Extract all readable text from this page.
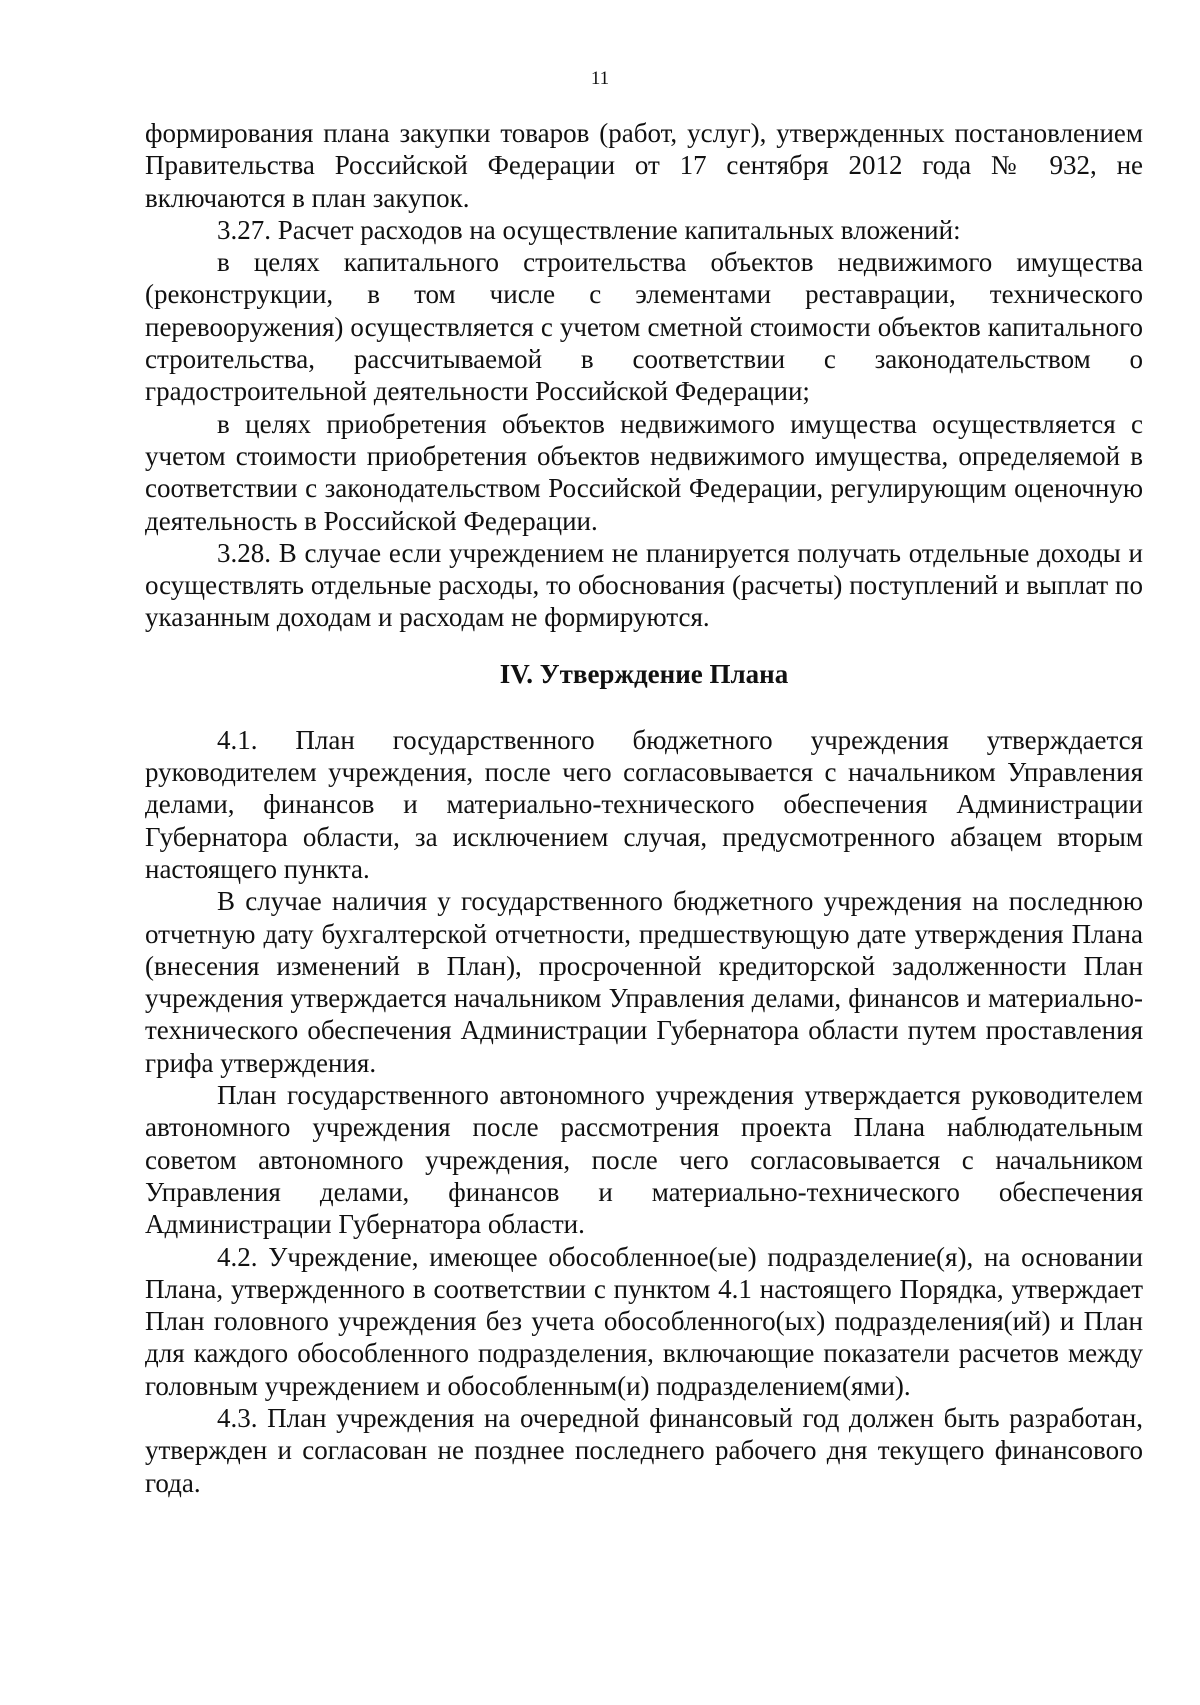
11

формирования плана закупки товаров (работ, услуг), утвержденных постановлением Правительства Российской Федерации от 17 сентября 2012 года № 932, не включаются в план закупок.

3.27. Расчет расходов на осуществление капитальных вложений:

в целях капитального строительства объектов недвижимого имущества (реконструкции, в том числе с элементами реставрации, технического перевооружения) осуществляется с учетом сметной стоимости объектов капитального строительства, рассчитываемой в соответствии с законодательством о градостроительной деятельности Российской Федерации;

в целях приобретения объектов недвижимого имущества осуществляется с учетом стоимости приобретения объектов недвижимого имущества, определяемой в соответствии с законодательством Российской Федерации, регулирующим оценочную деятельность в Российской Федерации.

3.28. В случае если учреждением не планируется получать отдельные доходы и осуществлять отдельные расходы, то обоснования (расчеты) поступлений и выплат по указанным доходам и расходам не формируются.

IV. Утверждение Плана

4.1. План государственного бюджетного учреждения утверждается руководителем учреждения, после чего согласовывается с начальником Управления делами, финансов и материально-технического обеспечения Администрации Губернатора области, за исключением случая, предусмотренного абзацем вторым настоящего пункта.

В случае наличия у государственного бюджетного учреждения на последнюю отчетную дату бухгалтерской отчетности, предшествующую дате утверждения Плана (внесения изменений в План), просроченной кредиторской задолженности План учреждения утверждается начальником Управления делами, финансов и материально-технического обеспечения Администрации Губернатора области путем проставления грифа утверждения.

План государственного автономного учреждения утверждается руководителем автономного учреждения после рассмотрения проекта Плана наблюдательным советом автономного учреждения, после чего согласовывается с начальником Управления делами, финансов и материально-технического обеспечения Администрации Губернатора области.

4.2. Учреждение, имеющее обособленное(ые) подразделение(я), на основании Плана, утвержденного в соответствии с пунктом 4.1 настоящего Порядка, утверждает План головного учреждения без учета обособленного(ых) подразделения(ий) и План для каждого обособленного подразделения, включающие показатели расчетов между головным учреждением и обособленным(и) подразделением(ями).

4.3. План учреждения на очередной финансовый год должен быть разработан, утвержден и согласован не позднее последнего рабочего дня текущего финансового года.
